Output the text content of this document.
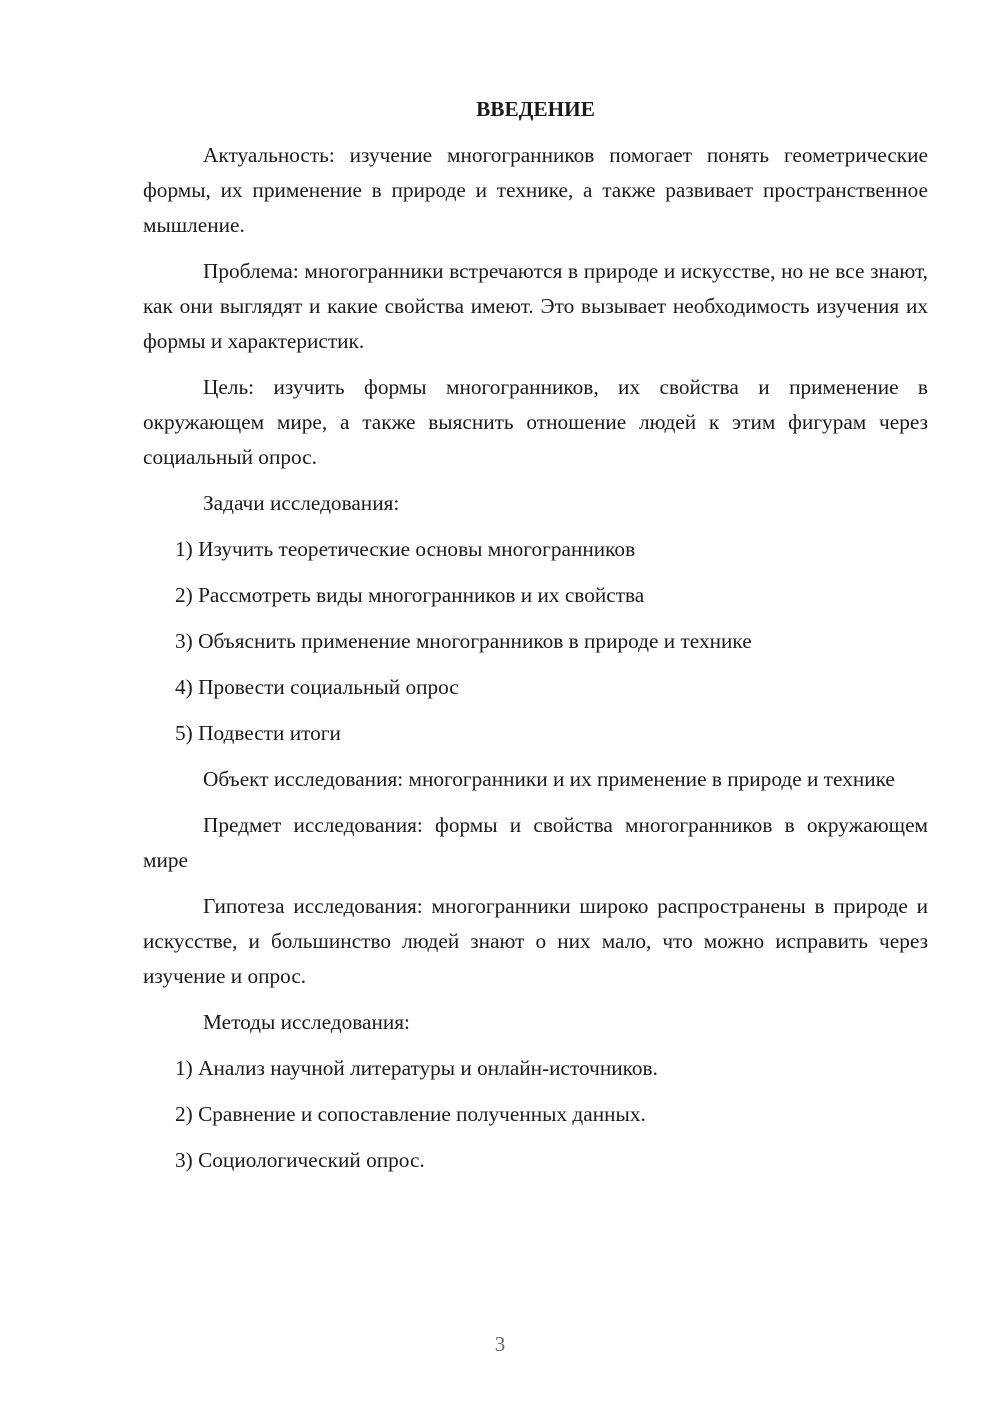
ВВЕДЕНИЕ

Актуальность: изучение многогранников помогает понять геометрические формы, их применение в природе и технике, а также развивает пространственное мышление.

Проблема: многогранники встречаются в природе и искусстве, но не все знают, как они выглядят и какие свойства имеют. Это вызывает необходимость изучения их формы и характеристик.

Цель: изучить формы многогранников, их свойства и применение в окружающем мире, а также выяснить отношение людей к этим фигурам через социальный опрос.

Задачи исследования:

1) Изучить теоретические основы многогранников

2) Рассмотреть виды многогранников и их свойства

3) Объяснить применение многогранников в природе и технике

4) Провести социальный опрос

5) Подвести итоги

Объект исследования: многогранники и их применение в природе и технике

Предмет исследования: формы и свойства многогранников в окружающем мире

Гипотеза исследования: многогранники широко распространены в природе и искусстве, и большинство людей знают о них мало, что можно исправить через изучение и опрос.

Методы исследования:

1) Анализ научной литературы и онлайн-источников.

2) Сравнение и сопоставление полученных данных.

3) Социологический опрос.

3
